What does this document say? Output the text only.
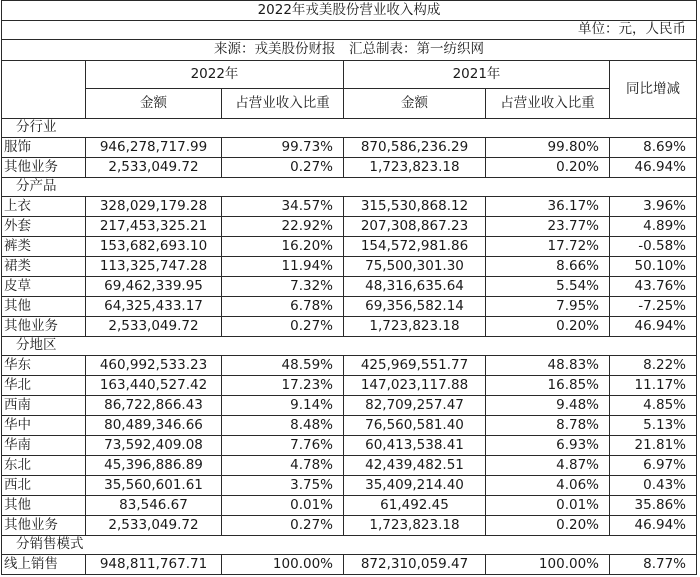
2022年戎美股份营业收入构成					
单位：元，人民币					
来源：戎美股份财报　汇总制表：第一纺织网					
	2022年		2021年		同比增减
	金额	占营业收入比重	金额	占营业收入比重	
分行业					
服饰	946,278,717.99	99.73%	870,586,236.29	99.80%	8.69%
其他业务	2,533,049.72	0.27%	1,723,823.18	0.20%	46.94%
分产品					
上衣	328,029,179.28	34.57%	315,530,868.12	36.17%	3.96%
外套	217,453,325.21	22.92%	207,308,867.23	23.77%	4.89%
裤类	153,682,693.10	16.20%	154,572,981.86	17.72%	-0.58%
裙类	113,325,747.28	11.94%	75,500,301.30	8.66%	50.10%
皮草	69,462,339.95	7.32%	48,316,635.64	5.54%	43.76%
其他	64,325,433.17	6.78%	69,356,582.14	7.95%	-7.25%
其他业务	2,533,049.72	0.27%	1,723,823.18	0.20%	46.94%
分地区					
华东	460,992,533.23	48.59%	425,969,551.77	48.83%	8.22%
华北	163,440,527.42	17.23%	147,023,117.88	16.85%	11.17%
西南	86,722,866.43	9.14%	82,709,257.47	9.48%	4.85%
华中	80,489,346.66	8.48%	76,560,581.40	8.78%	5.13%
华南	73,592,409.08	7.76%	60,413,538.41	6.93%	21.81%
东北	45,396,886.89	4.78%	42,439,482.51	4.87%	6.97%
西北	35,560,601.61	3.75%	35,409,214.40	4.06%	0.43%
其他	83,546.67	0.01%	61,492.45	0.01%	35.86%
其他业务	2,533,049.72	0.27%	1,723,823.18	0.20%	46.94%
分销售模式					
线上销售	948,811,767.71	100.00%	872,310,059.47	100.00%	8.77%
